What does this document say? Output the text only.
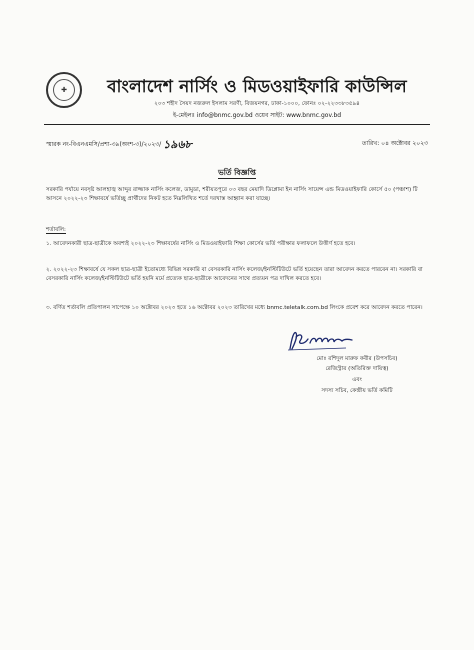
✚	বাংলাদেশ নার্সিং ও মিডওয়াইফারি কাউন্সিল
২০৩ শহীদ সৈয়দ নজরুল ইসলাম সরণী, বিজয়নগর, ঢাকা-১০০০, ফোনঃ ০২-২২৩৩৮৩৫৯৪
ই-মেইলঃ info@bnmc.gov.bd ওয়েব সাইট: www.bnmc.gov.bd
স্মারক নং-বিএনএমসি/প্রশা-৩৯(অংশ-৩)/২০২৩/ ১৯৬৮	তারিখ: ০৪ অক্টোবর ২০২৩
ভর্তি বিজ্ঞপ্তি
সরকারি পর্যায়ে নবসৃষ্ট আলহাজ্ব আব্দুর রাজ্জাক নার্সিং কলেজ, ডামুডা, শরীয়তপুরে ০৩ বছর মেয়াদি ডিপ্লোমা ইন নার্সিং সায়েন্স এন্ড মিডওয়াইফারি কোর্সে ৫০ (পঞ্চাশ) টি আসনে ২০২২-২৩ শিক্ষাবর্ষে ভর্তিচ্ছু প্রার্থীদের নিকট হতে নিম্নলিখিত শর্তে দরখাস্ত আহ্বান করা যাচ্ছে।
শর্তাবলি:
১. আবেদনকারী ছাত্র-ছাত্রীকে অবশ্যই ২০২২-২৩ শিক্ষাবর্ষের নার্সিং ও মিডওয়াইফারি শিক্ষা কোর্সের ভর্তি পরীক্ষার ফলাফলে উত্তীর্ণ হতে হবে।
২. ২০২২-২৩ শিক্ষাবর্ষে যে সকল ছাত্র-ছাত্রী ইতোমধ্যে বিভিন্ন সরকারি বা বেসরকারি নার্সিং কলেজ/ইনস্টিটিউটে ভর্তি হয়েছেন তারা আবেদন করতে পারবেন না। সরকারি বা বেসরকারি নার্সিং কলেজ/ইনস্টিটিউটে ভর্তি হয়নি মর্মে প্রত্যেক ছাত্র-ছাত্রীকে আবেদনের সাথে প্রত্যয়ন পত্র দাখিল করতে হবে।
৩. বর্ণিত শর্তাবলি প্রতিপালন সাপেক্ষে ১০ অক্টোবর ২০২৩ হতে ১৬ অক্টোবর ২০২৩ তারিখের মধ্যে bnmc.teletalk.com.bd লিংকে প্রবেশ করে আবেদন করতে পারেন।
মোঃ রশিদুল মারুফ কবীর (উপসচিব)
রেজিস্ট্রার (অতিরিক্ত দায়িত্ব)
এবং
সদস্য সচিব, কেন্দ্রীয় ভর্তি কমিটি
